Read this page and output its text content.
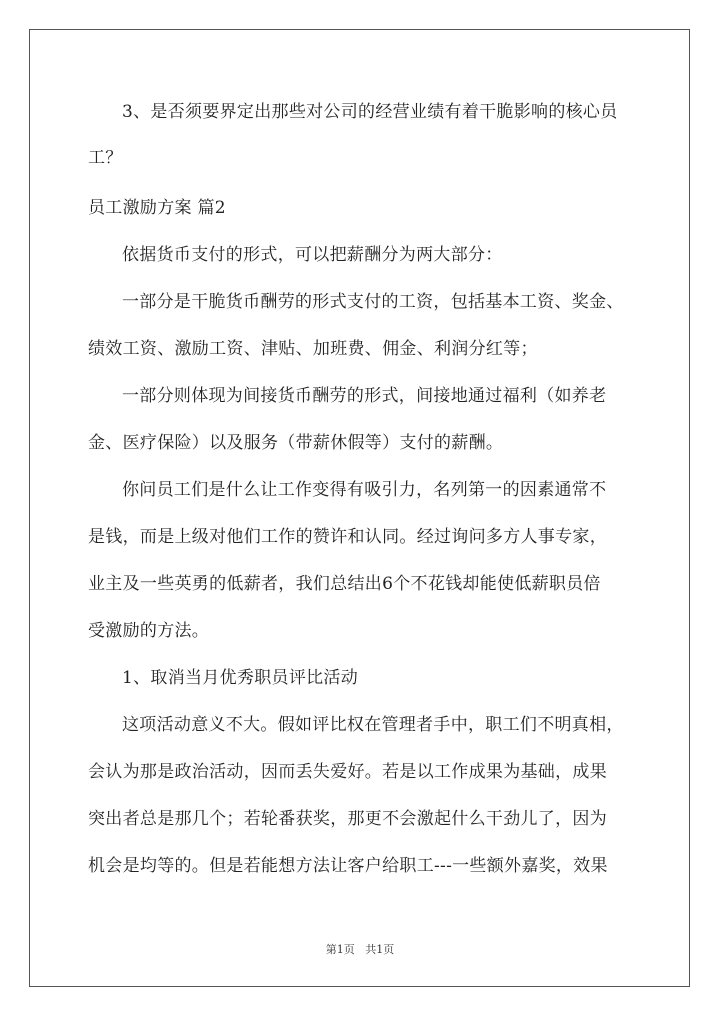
3、是否须要界定出那些对公司的经营业绩有着干脆影响的核心员
工？
员工激励方案 篇2
依据货币支付的形式，可以把薪酬分为两大部分：
一部分是干脆货币酬劳的形式支付的工资，包括基本工资、奖金、
绩效工资、激励工资、津贴、加班费、佣金、利润分红等；
一部分则体现为间接货币酬劳的形式，间接地通过福利（如养老
金、医疗保险）以及服务（带薪休假等）支付的薪酬。
你问员工们是什么让工作变得有吸引力，名列第一的因素通常不
是钱，而是上级对他们工作的赞许和认同。经过询问多方人事专家，
业主及一些英勇的低薪者，我们总结出6个不花钱却能使低薪职员倍
受激励的方法。
1、取消当月优秀职员评比活动
这项活动意义不大。假如评比权在管理者手中，职工们不明真相，
会认为那是政治活动，因而丢失爱好。若是以工作成果为基础，成果
突出者总是那几个；若轮番获奖，那更不会激起什么干劲儿了，因为
机会是均等的。但是若能想方法让客户给职工---一些额外嘉奖，效果
第1页 共1页
